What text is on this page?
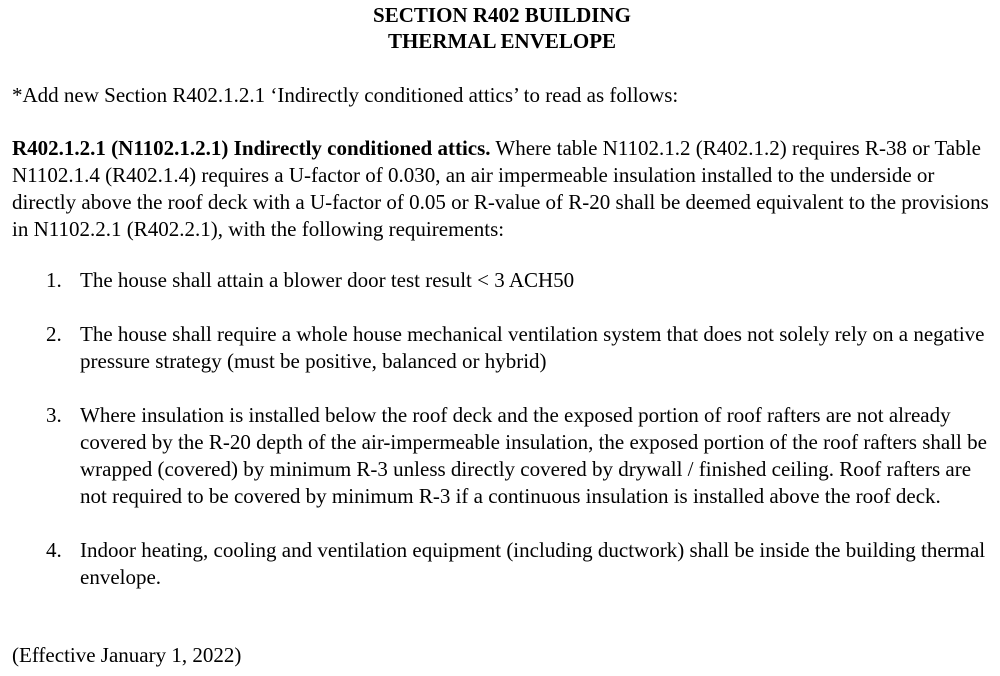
SECTION R402 BUILDING
THERMAL ENVELOPE

*Add new Section R402.1.2.1 ‘Indirectly conditioned attics’ to read as follows:

R402.1.2.1 (N1102.1.2.1) Indirectly conditioned attics. Where table N1102.1.2 (R402.1.2) requires R-38 or Table N1102.1.4 (R402.1.4) requires a U-factor of 0.030, an air impermeable insulation installed to the underside or directly above the roof deck with a U-factor of 0.05 or R-value of R-20 shall be deemed equivalent to the provisions in N1102.2.1 (R402.2.1), with the following requirements:

1. The house shall attain a blower door test result < 3 ACH50
2. The house shall require a whole house mechanical ventilation system that does not solely rely on a negative pressure strategy (must be positive, balanced or hybrid)
3. Where insulation is installed below the roof deck and the exposed portion of roof rafters are not already covered by the R-20 depth of the air-impermeable insulation, the exposed portion of the roof rafters shall be wrapped (covered) by minimum R-3 unless directly covered by drywall / finished ceiling. Roof rafters are not required to be covered by minimum R-3 if a continuous insulation is installed above the roof deck.
4. Indoor heating, cooling and ventilation equipment (including ductwork) shall be inside the building thermal envelope.

(Effective January 1, 2022)
